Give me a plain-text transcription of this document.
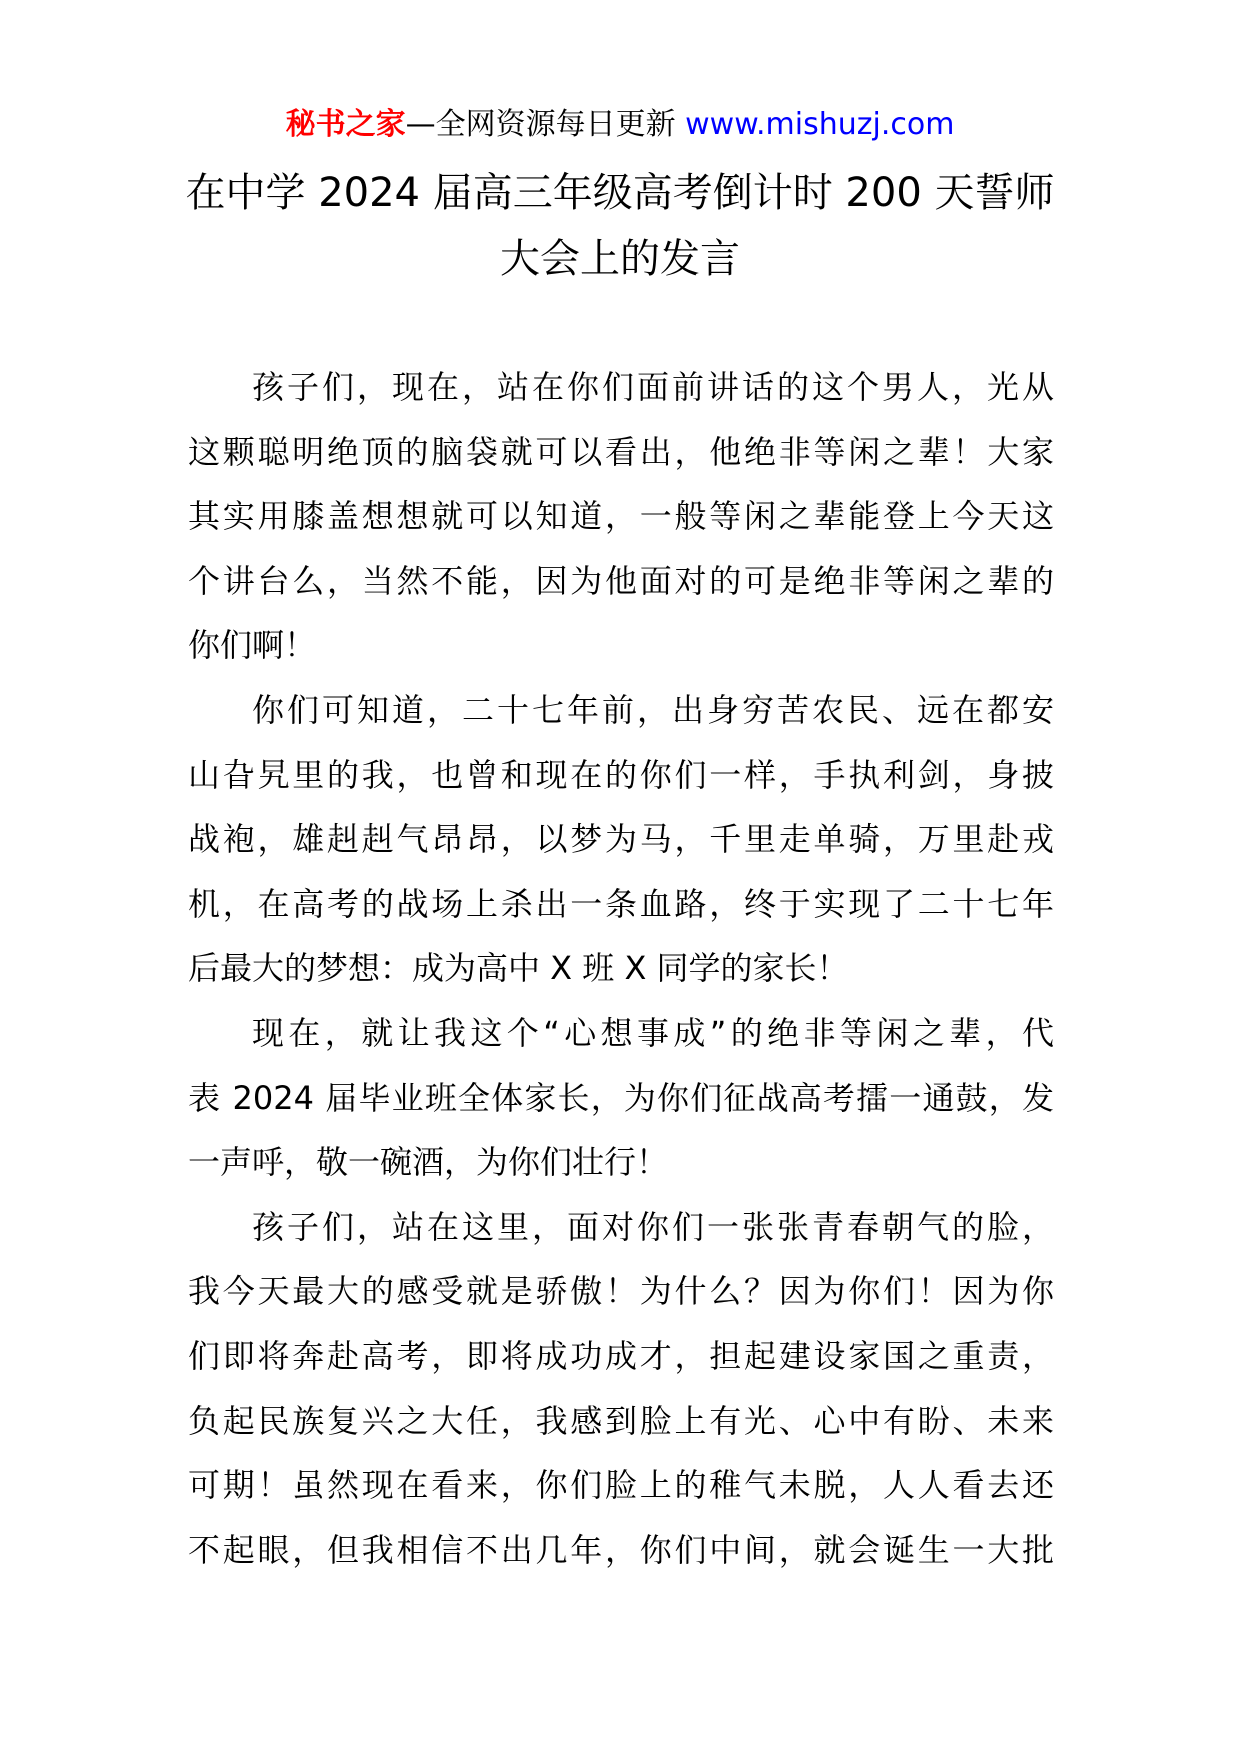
秘书之家—全网资源每日更新 www.mishuzj.com
在中学 2024 届高三年级高考倒计时 200 天誓师
大会上的发言
孩子们，现在，站在你们面前讲话的这个男人，光从
这颗聪明绝顶的脑袋就可以看出，他绝非等闲之辈！大家
其实用膝盖想想就可以知道，一般等闲之辈能登上今天这
个讲台么，当然不能，因为他面对的可是绝非等闲之辈的
你们啊！
你们可知道，二十七年前，出身穷苦农民、远在都安
山旮旯里的我，也曾和现在的你们一样，手执利剑，身披
战袍，雄赳赳气昂昂，以梦为马，千里走单骑，万里赴戎
机，在高考的战场上杀出一条血路，终于实现了二十七年
后最大的梦想：成为高中 X 班 X 同学的家长！
现在，就让我这个“心想事成”的绝非等闲之辈，代
表 2024 届毕业班全体家长，为你们征战高考擂一通鼓，发
一声呼，敬一碗酒，为你们壮行！
孩子们，站在这里，面对你们一张张青春朝气的脸，
我今天最大的感受就是骄傲！为什么？因为你们！因为你
们即将奔赴高考，即将成功成才，担起建设家国之重责，
负起民族复兴之大任，我感到脸上有光、心中有盼、未来
可期！虽然现在看来，你们脸上的稚气未脱，人人看去还
不起眼，但我相信不出几年，你们中间，就会诞生一大批
